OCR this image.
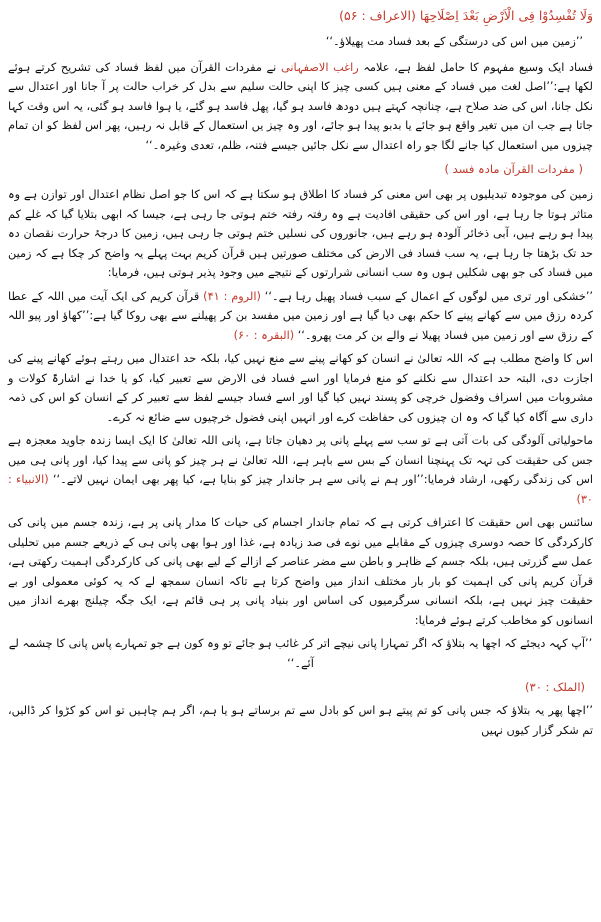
وَلَا تُفْسِدُوْا فِی الْاَرْضِ بَعْدَ اِصْلَاحِھَا (الاعراف : ۵۶)
’’زمین میں اس کی درستگی کے بعد فساد مت پھیلاؤ۔‘‘

فساد ایک وسیع مفہوم کا حامل لفظ ہے، علامہ راغب الاصفہانی نے مفردات القرآن میں لفظ فساد کی تشریح کرتے ہوئے لکھا ہے:’’اصل لغت میں فساد کے معنی ہیں کسی چیز کا اپنی حالت سلیم سے بدل کر خراب حالت پر آ جانا اور اعتدال سے نکل جانا، اس کی ضد صلاح ہے، چنانچہ کہتے ہیں دودھ فاسد ہو گیا، پھل فاسد ہو گئے، یا ہوا فاسد ہو گئی، یہ اس وقت کہا جاتا ہے جب ان میں تغیر واقع ہو جائے یا بدبو پیدا ہو جائے، اور وہ چیز یں استعمال کے قابل نہ رہیں، پھر اس لفظ کو ان تمام چیزوں میں استعمال کیا جانے لگا جو راہ اعتدال سے نکل جائیں جیسے فتنہ، ظلم، تعدی وغیرہ۔‘‘

( مفردات القرآن مادہ فسد )

زمین کی موجودہ تبدیلیوں پر بھی اس معنی کر فساد کا اطلاق ہو سکتا ہے کہ اس کا جو اصل نظام اعتدال اور توازن ہے وہ متاثر ہوتا جا رہا ہے، اور اس کی حقیقی افادیت ہے وہ رفتہ رفتہ ختم ہوتی جا رہی ہے، جیسا کہ ابھی بتلایا گیا کہ غلے کم پیدا ہو رہے ہیں، آبی ذخائر آلودہ ہو رہے ہیں، جانوروں کی نسلیں ختم ہوتی جا رہی ہیں، زمین کا درجۂ حرارت نقصان دہ حد تک بڑھتا جا رہا ہے، یہ سب فساد فی الارض کی مختلف صورتیں ہیں قرآن کریم بہت پہلے یہ واضح کر چکا ہے کہ زمین میں فساد کی جو بھی شکلیں ہوں وہ سب انسانی شرارتوں کے نتیجے میں وجود پذیر ہوتی ہیں، فرمایا:

’’خشکی اور تری میں لوگوں کے اعمال کے سبب فساد پھیل رہا ہے۔‘‘ (الروم : ۴۱) قرآن کریم کی ایک آیت میں اللہ کے عطا کردہ رزق میں سے کھانے پینے کا حکم بھی دیا گیا ہے اور زمین میں مفسد بن کر پھیلنے سے بھی روکا گیا ہے:’’کھاؤ اور پیو اللہ کے رزق سے اور زمین میں فساد پھیلا نے والے بن کر مت پھرو۔‘‘ (البقرہ : ۶۰)

اس کا واضح مطلب ہے کہ اللہ تعالیٰ نے انسان کو کھانے پینے سے منع نہیں کیا، بلکہ حد اعتدال میں رہتے ہوئے کھانے پینے کی اجازت دی، البتہ حد اعتدال سے نکلنے کو منع فرمایا اور اسے فساد فی الارض سے تعبیر کیا، کو یا خدا نے اشارۃً کولات و مشروبات میں اسراف وفضول خرچی کو پسند نہیں کیا گیا اور اسے فساد جیسے لفظ سے تعبیر کر کے انسان کو اس کی ذمہ داری سے آگاہ کیا گیا کہ وہ ان چیزوں کی حفاظت کرے اور انہیں اپنی فضول خرچیوں سے ضائع نہ کرے۔

ماحولیاتی آلودگی کی بات آتی ہے تو سب سے پہلے پانی پر دھیان جاتا ہے، پانی اللہ تعالیٰ کا ایک ایسا زندہ جاوید معجزہ ہے جس کی حقیقت کی تہہ تک پہنچنا انسان کے بس سے باہر ہے، اللہ تعالیٰ نے ہر چیز کو پانی سے پیدا کیا، اور پانی ہی میں اس کی زندگی رکھی، ارشاد فرمایا:’’اور ہم نے پانی سے ہر جاندار چیز کو بنایا ہے، کیا پھر بھی ایمان نہیں لاتے۔‘‘ (الانبیاء : ۳۰)

سائنس بھی اس حقیقت کا اعتراف کرتی ہے کہ تمام جاندار اجسام کی حیات کا مدار پانی پر ہے، زندہ جسم میں پانی کی کارکردگی کا حصہ دوسری چیزوں کے مقابلے میں نوے فی صد زیادہ ہے، غذا اور ہوا بھی پانی ہی کے ذریعے جسم میں تحلیلی عمل سے گزرتی ہیں، بلکہ جسم کے ظاہر و باطن سے مضر عناصر کے ازالے کے لیے بھی پانی کی کارکردگی اہمیت رکھتی ہے، قرآن کریم پانی کی اہمیت کو بار بار مختلف انداز میں واضح کرتا ہے تاکہ انسان سمجھ لے کہ یہ کوئی معمولی اور بے حقیقت چیز نہیں ہے، بلکہ انسانی سرگرمیوں کی اساس اور بنیاد پانی پر ہی قائم ہے، ایک جگہ چیلنج بھرے انداز میں انسانوں کو مخاطب کرتے ہوئے فرمایا:

’’آپ کہہ دیجئے کہ اچھا یہ بتلاؤ کہ اگر تمہارا پانی نیچے اتر کر غائب ہو جائے تو وہ کون ہے جو تمہارے پاس پانی کا چشمہ لے آئے۔‘‘
(الملک : ۳۰)

’’اچھا پھر یہ بتلاؤ کہ جس پانی کو تم پیتے ہو اس کو بادل سے تم برساتے ہو یا ہم، اگر ہم چاہیں تو اس کو کڑوا کر ڈالیں، تم شکر گزار کیوں نہیں
